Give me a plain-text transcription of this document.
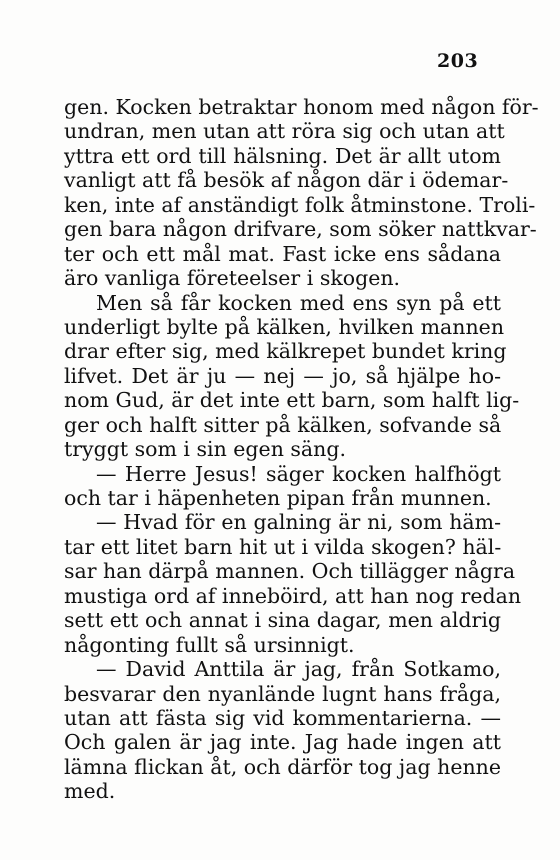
203
gen. Kocken betraktar honom med någon för-
undran, men utan att röra sig och utan att
yttra ett ord till hälsning. Det är allt utom
vanligt att få besök af någon där i ödemar-
ken, inte af anständigt folk åtminstone. Troli-
gen bara någon drifvare, som söker nattkvar-
ter och ett mål mat. Fast icke ens sådana
äro vanliga företeelser i skogen.
Men så får kocken med ens syn på ett
underligt bylte på kälken, hvilken mannen
drar efter sig, med kälkrepet bundet kring
lifvet. Det är ju — nej — jo, så hjälpe ho-
nom Gud, är det inte ett barn, som halft lig-
ger och halft sitter på kälken, sofvande så
tryggt som i sin egen säng.
— Herre Jesus! säger kocken halfhögt
och tar i häpenheten pipan från munnen.
— Hvad för en galning är ni, som häm-
tar ett litet barn hit ut i vilda skogen? häl-
sar han därpå mannen. Och tillägger några
mustiga ord af inneböird, att han nog redan
sett ett och annat i sina dagar, men aldrig
någonting fullt så ursinnigt.
— David Anttila är jag, från Sotkamo,
besvarar den nyanlände lugnt hans fråga,
utan att fästa sig vid kommentarierna. —
Och galen är jag inte. Jag hade ingen att
lämna flickan åt, och därför tog jag henne
med.
